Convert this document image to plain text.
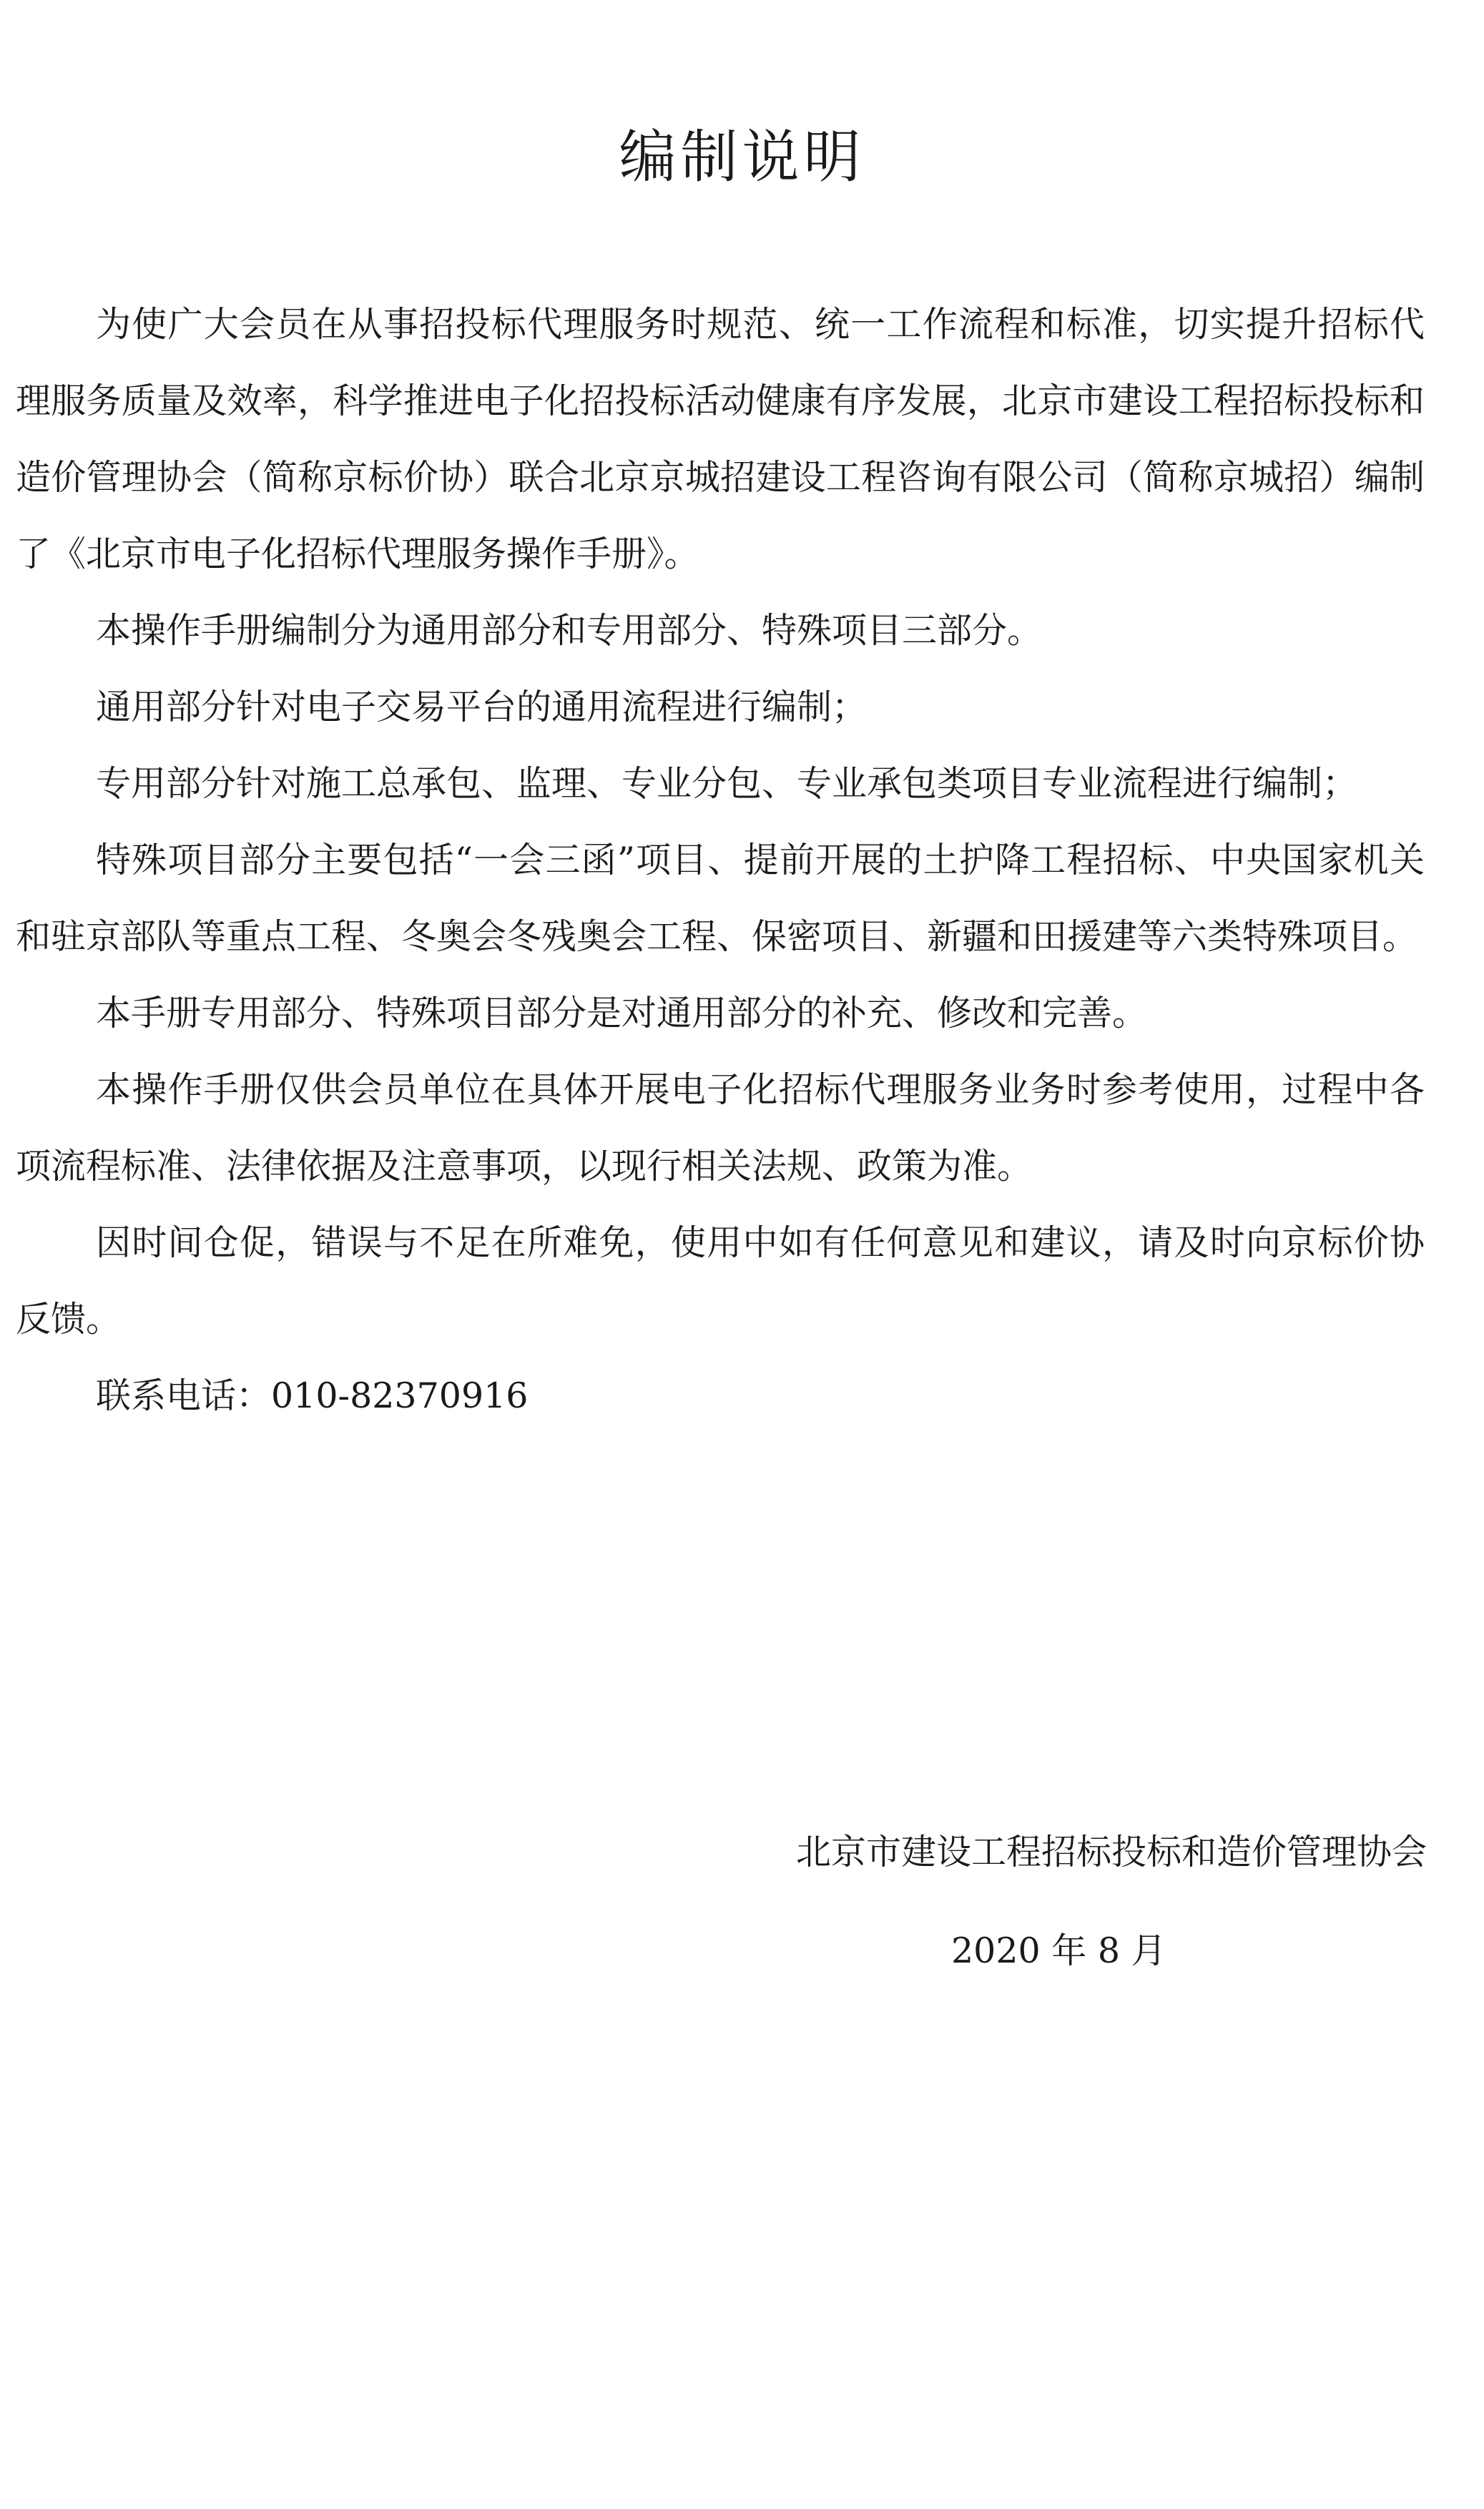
编制说明

为使广大会员在从事招投标代理服务时规范、统一工作流程和标准，切实提升招标代理服务质量及效率，科学推进电子化招投标活动健康有序发展，北京市建设工程招标投标和造价管理协会（简称京标价协）联合北京京城招建设工程咨询有限公司（简称京城招）编制了《北京市电子化招标代理服务操作手册》。

本操作手册编制分为通用部分和专用部分、特殊项目三部分。

通用部分针对电子交易平台的通用流程进行编制；

专用部分针对施工总承包、监理、专业分包、专业承包类项目专业流程进行编制；

特殊项目部分主要包括“一会三函”项目、提前开展的土护降工程招标、中央国家机关和驻京部队等重点工程、冬奥会冬残奥会工程、保密项目、新疆和田援建等六类特殊项目。

本手册专用部分、特殊项目部分是对通用部分的补充、修改和完善。

本操作手册仅供会员单位在具体开展电子化招标代理服务业务时参考使用，过程中各项流程标准、法律依据及注意事项，以现行相关法规、政策为准。

因时间仓促，错误与不足在所难免，使用中如有任何意见和建议，请及时向京标价协反馈。

联系电话：010-82370916

北京市建设工程招标投标和造价管理协会
2020 年 8 月
